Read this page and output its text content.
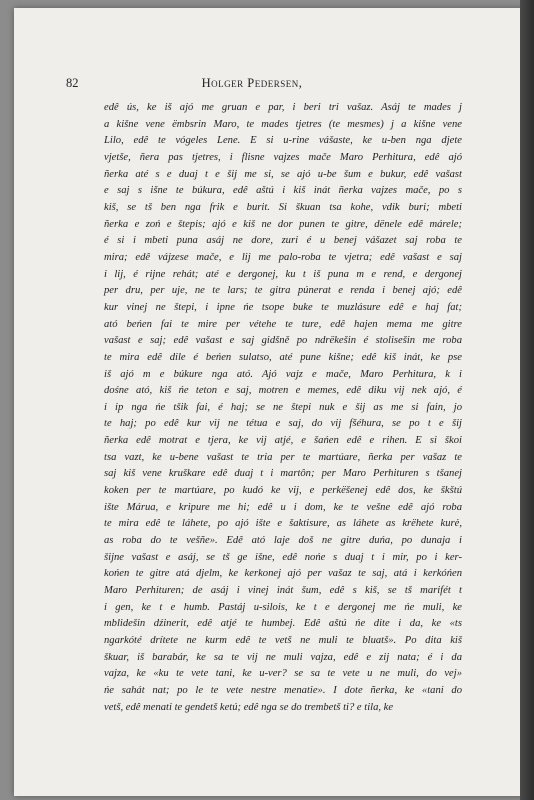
82	Holger Pedersen,
edê ús, ke iš ajó me gruan e par, i beri tri vašaz. Asáj te mades j
a kišne vene ëmbsrin Maro, te mades tjetres (te mesmes) j a kišne vene
Lilo, edê te vógeles Lene. E si u-rine vášaste, ke u-ben nga djete
vjetše, ñera pas tjetres, i flisne vajzes mače Maro Perhitura, edê ajó
ñerka até s e duaj t e šij me si, se ajó u-be šum e bukur, edê vašast
e saj s išne te búkura, edê aštú i kiš inát ñerka vajzes mače, po s
kiš, se tš ben nga frik e burit. Si škuan tsa kohe, vdik buri; mbeti
ñerka e zoń e štepis; ajó e kiš ne dor punen te gitre, dënele edê márele;
é si i mbeti puna asáj ne dore, zuri é u benej vášazet saj roba te
mira; edê vájzese mače, e lij me palo-roba te vjetra; edê vašast e saj
i lij, é rijne rehát; até e dergonej, ku t iš puna m e rend, e dergonej
per dru, per uje, ne te lars; te gitra púnerat e renda i benej ajó; edê
kur vinej ne štepi, i ipne ńe tsope buke te muzlásure edê e haj fat;
ató beńen fai te mire per vétehe te ture, edê hajen mema me gitre
vašast e saj; edê vašast e saj gidšně po ndrëkešin é stolisešin me roba
te mira edê dile é beńen sulatso, até pune kišne; edê kiš inát, ke pse
iš ajó m e búkure nga ató. Ajó vajz e mače, Maro Perhitura, k i
dośne ató, kiš ńe teton e saj, motren e memes, edê diku vij nek ajó, é
i ip nga ńe tšik fai, é haj; se ne štepi nuk e šij as me si fain, jo
te haj; po edê kur vij ne tétua e saj, do vij fšéhura, se po t e šij
ñerka edê motrat e tjera, ke vij atjé, e šańen edê e rihen. E si škoi
tsa vazt, ke u-bene vašast te tria per te martúare, ñerka per vašaz te
saj kiš vene kruškare edê duaj t i martôn; per Maro Perhituren s tšanej
koken per te martúare, po kudó ke vij, e perkëšenej edê dos, ke škštú
ište Márua, e kripure me hi; edê u i dom, ke te vešne edê ajó roba
te mira edê te láhete, po ajó ište e šaktisure, as láhete as krëhete kurė,
as roba do te vešñe». Edê ató laje doš ne gitre duńa, po dunaja i
šijne vašast e asáj, se tš ge išne, edê nońe s duaj t i mir, po i ker-
końen te gitre atá djelm, ke kerkonej ajó per vašaz te saj, atá i kerkóńen
Maro Perhituren; de asáj i vinej inát šum, edê s kiš, se tš marifét t
i gen, ke t e humb. Pastáj u-silois, ke t e dergonej me ńe muli, ke
mblidešin dźinerit, edê atjé te humbej. Edê aštú ńe dite i da, ke «ts
ngarkóté drítete ne kurm edê te vetš ne muli te bluatš». Po dita kiš
škuar, iš barabár, ke sa te vij ne muli vajza, edê e zij nata; é i da
vajza, ke «ku te vete tani, ke u-ver? se sa te vete u ne muli, do vej»
ńe sahát nat; po le te vete nestre menatie». I dote ñerka, ke «tani do
vetš, edê menati te gendetš ketú; edê nga se do trembetš ti? e tila, ke
